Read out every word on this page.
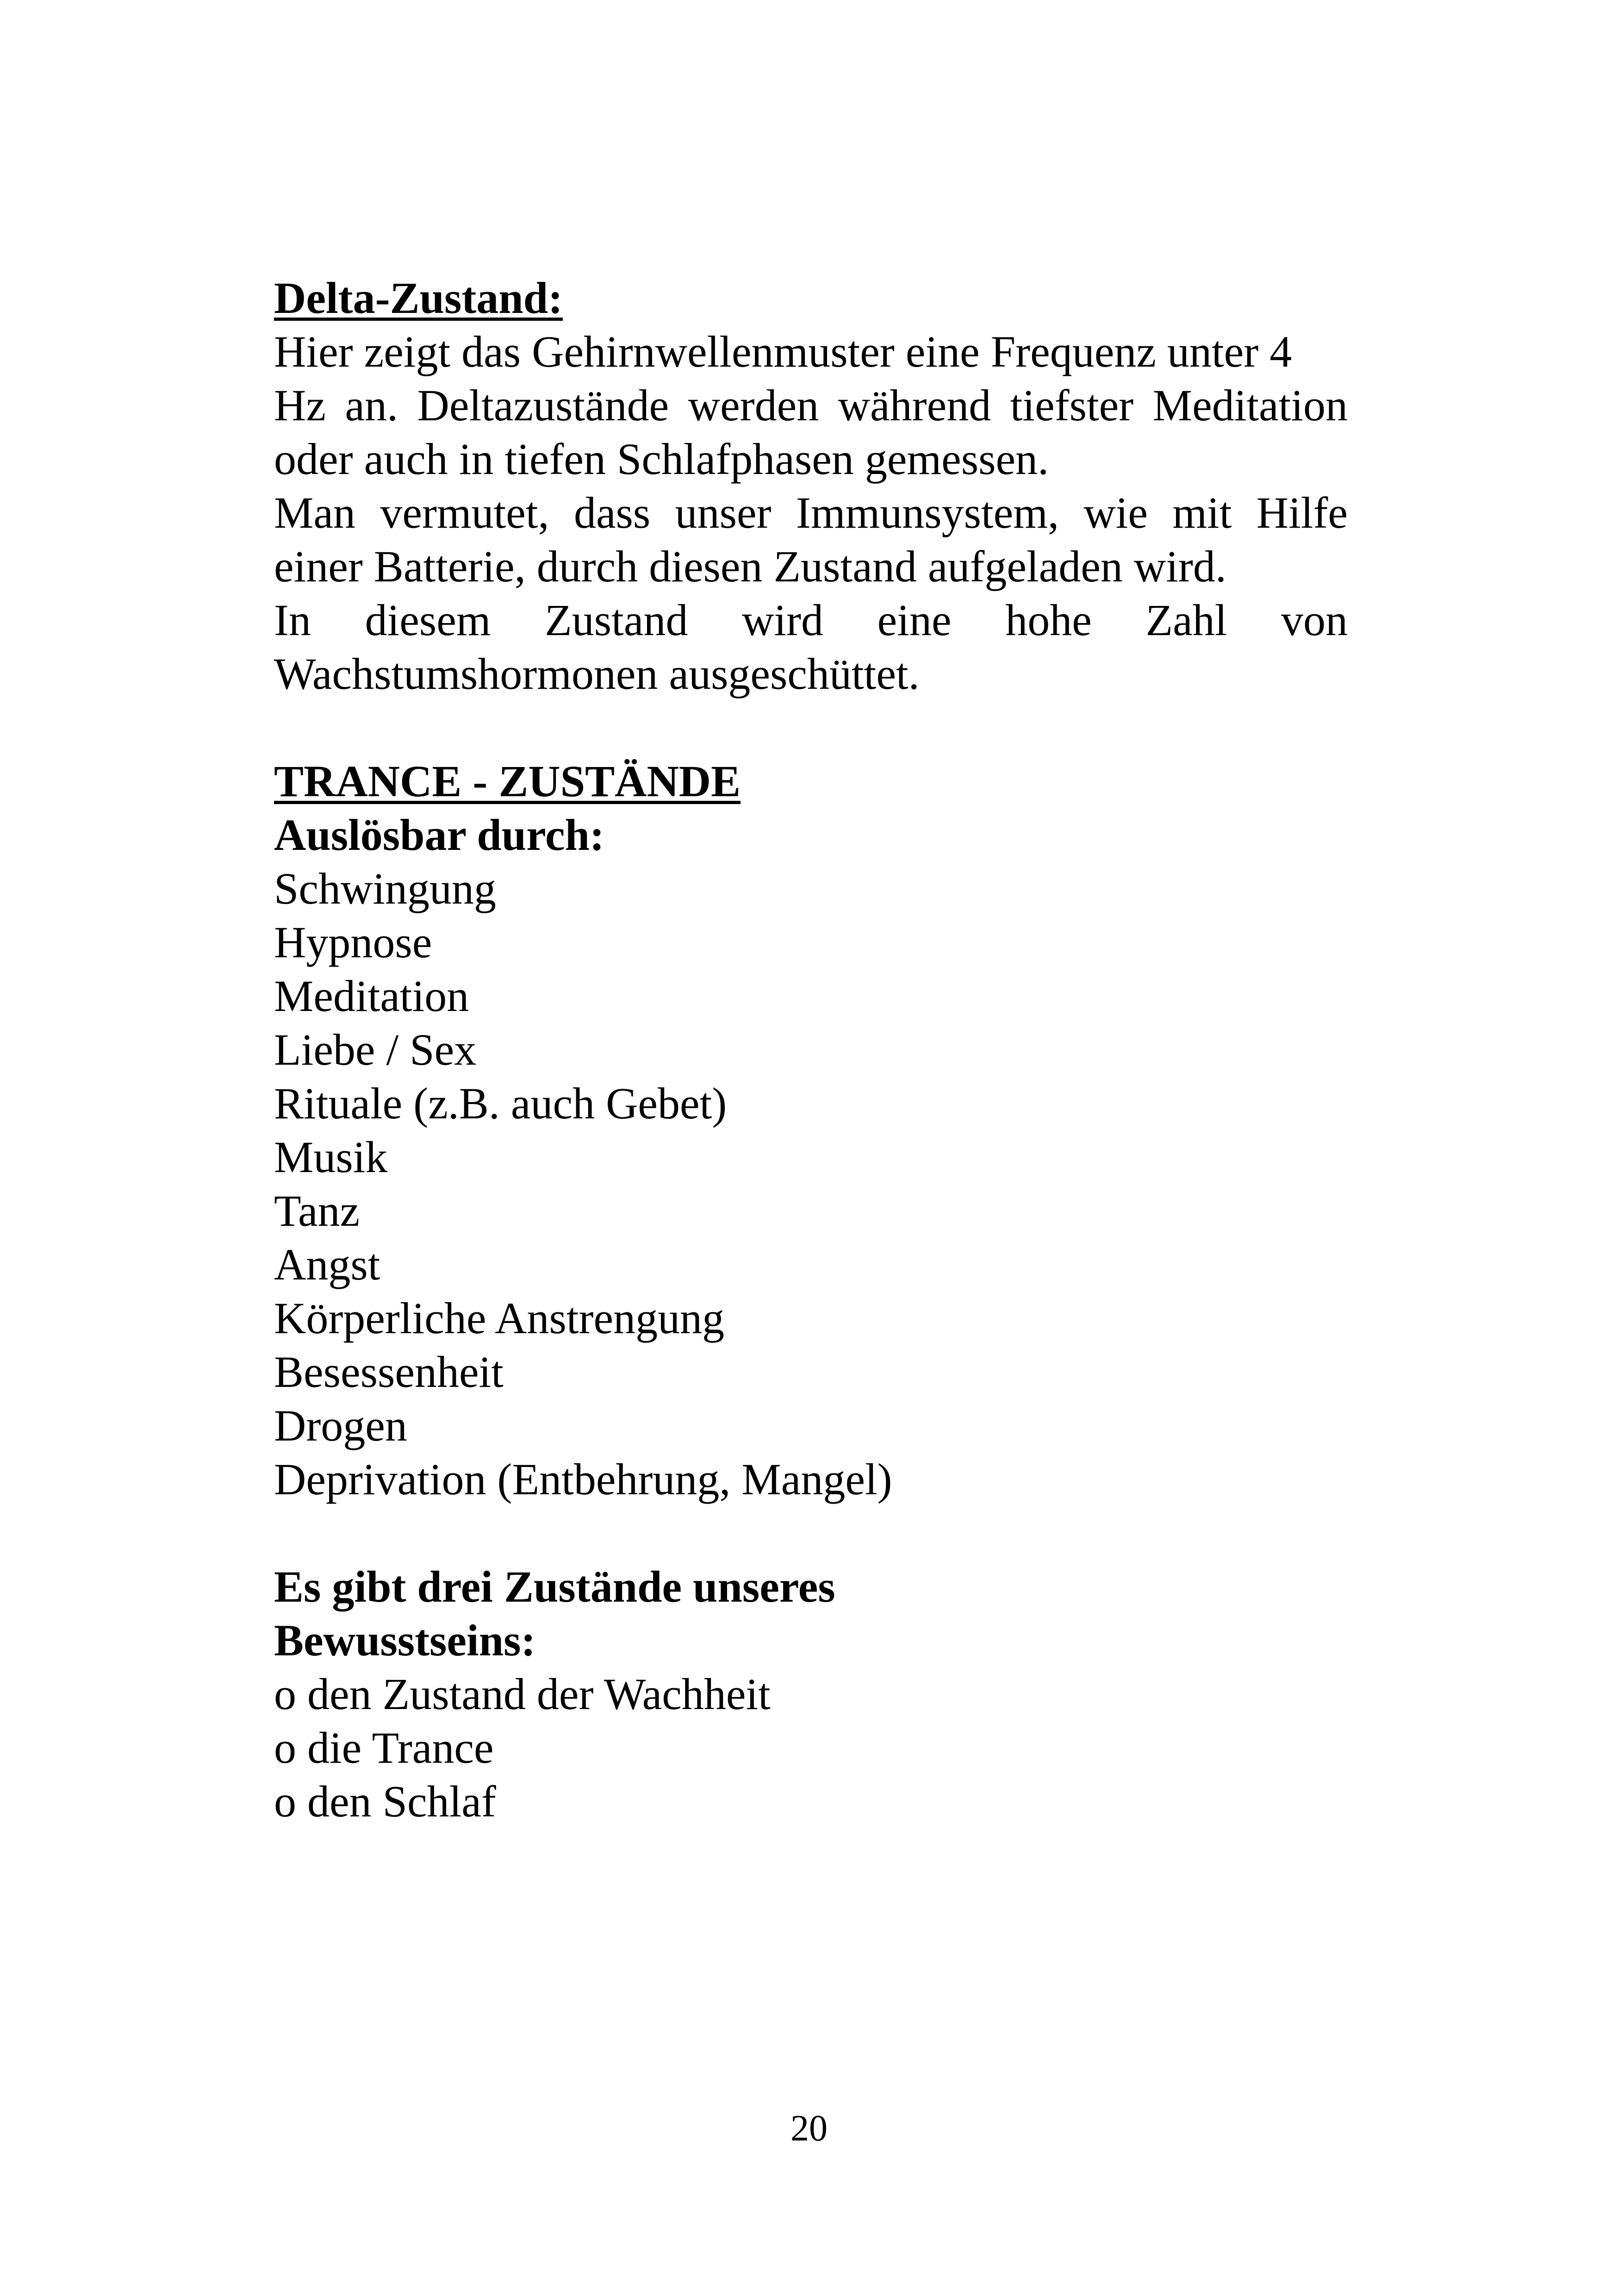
Delta-Zustand:
Hier zeigt das Gehirnwellenmuster eine Frequenz unter 4
Hz an. Deltazustände werden während tiefster Meditation
oder auch in tiefen Schlafphasen gemessen.
Man vermutet, dass unser Immunsystem, wie mit Hilfe
einer Batterie, durch diesen Zustand aufgeladen wird.
In diesem Zustand wird eine hohe Zahl von
Wachstumshormonen ausgeschüttet.
TRANCE - ZUSTÄNDE
Auslösbar durch:
Schwingung
Hypnose
Meditation
Liebe / Sex
Rituale (z.B. auch Gebet)
Musik
Tanz
Angst
Körperliche Anstrengung
Besessenheit
Drogen
Deprivation (Entbehrung, Mangel)
Es gibt drei Zustände unseres
Bewusstseins:
o den Zustand der Wachheit
o die Trance
o den Schlaf
20
